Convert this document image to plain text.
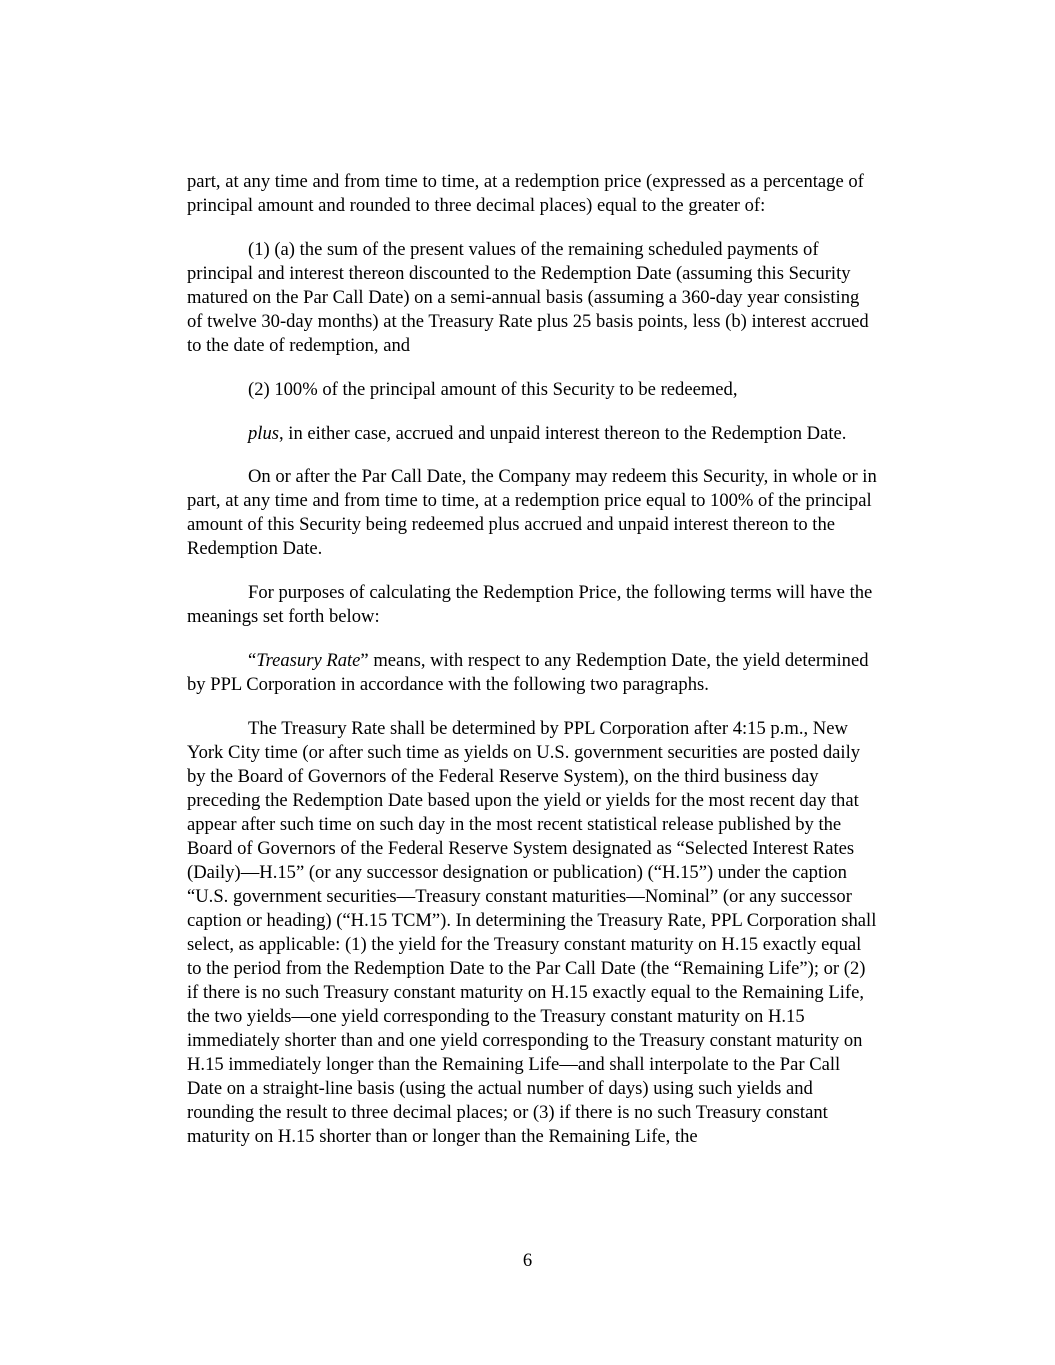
part, at any time and from time to time, at a redemption price (expressed as a percentage of principal amount and rounded to three decimal places) equal to the greater of:

(1) (a) the sum of the present values of the remaining scheduled payments of principal and interest thereon discounted to the Redemption Date (assuming this Security matured on the Par Call Date) on a semi-annual basis (assuming a 360-day year consisting of twelve 30-day months) at the Treasury Rate plus 25 basis points, less (b) interest accrued to the date of redemption, and

(2) 100% of the principal amount of this Security to be redeemed,

plus, in either case, accrued and unpaid interest thereon to the Redemption Date.

On or after the Par Call Date, the Company may redeem this Security, in whole or in part, at any time and from time to time, at a redemption price equal to 100% of the principal amount of this Security being redeemed plus accrued and unpaid interest thereon to the Redemption Date.

For purposes of calculating the Redemption Price, the following terms will have the meanings set forth below:

“Treasury Rate” means, with respect to any Redemption Date, the yield determined by PPL Corporation in accordance with the following two paragraphs.

The Treasury Rate shall be determined by PPL Corporation after 4:15 p.m., New York City time (or after such time as yields on U.S. government securities are posted daily by the Board of Governors of the Federal Reserve System), on the third business day preceding the Redemption Date based upon the yield or yields for the most recent day that appear after such time on such day in the most recent statistical release published by the Board of Governors of the Federal Reserve System designated as “Selected Interest Rates (Daily)—H.15” (or any successor designation or publication) (“H.15”) under the caption “U.S. government securities—Treasury constant maturities—Nominal” (or any successor caption or heading) (“H.15 TCM”). In determining the Treasury Rate, PPL Corporation shall select, as applicable: (1) the yield for the Treasury constant maturity on H.15 exactly equal to the period from the Redemption Date to the Par Call Date (the “Remaining Life”); or (2) if there is no such Treasury constant maturity on H.15 exactly equal to the Remaining Life, the two yields—one yield corresponding to the Treasury constant maturity on H.15 immediately shorter than and one yield corresponding to the Treasury constant maturity on H.15 immediately longer than the Remaining Life—and shall interpolate to the Par Call Date on a straight-line basis (using the actual number of days) using such yields and rounding the result to three decimal places; or (3) if there is no such Treasury constant maturity on H.15 shorter than or longer than the Remaining Life, the

6
